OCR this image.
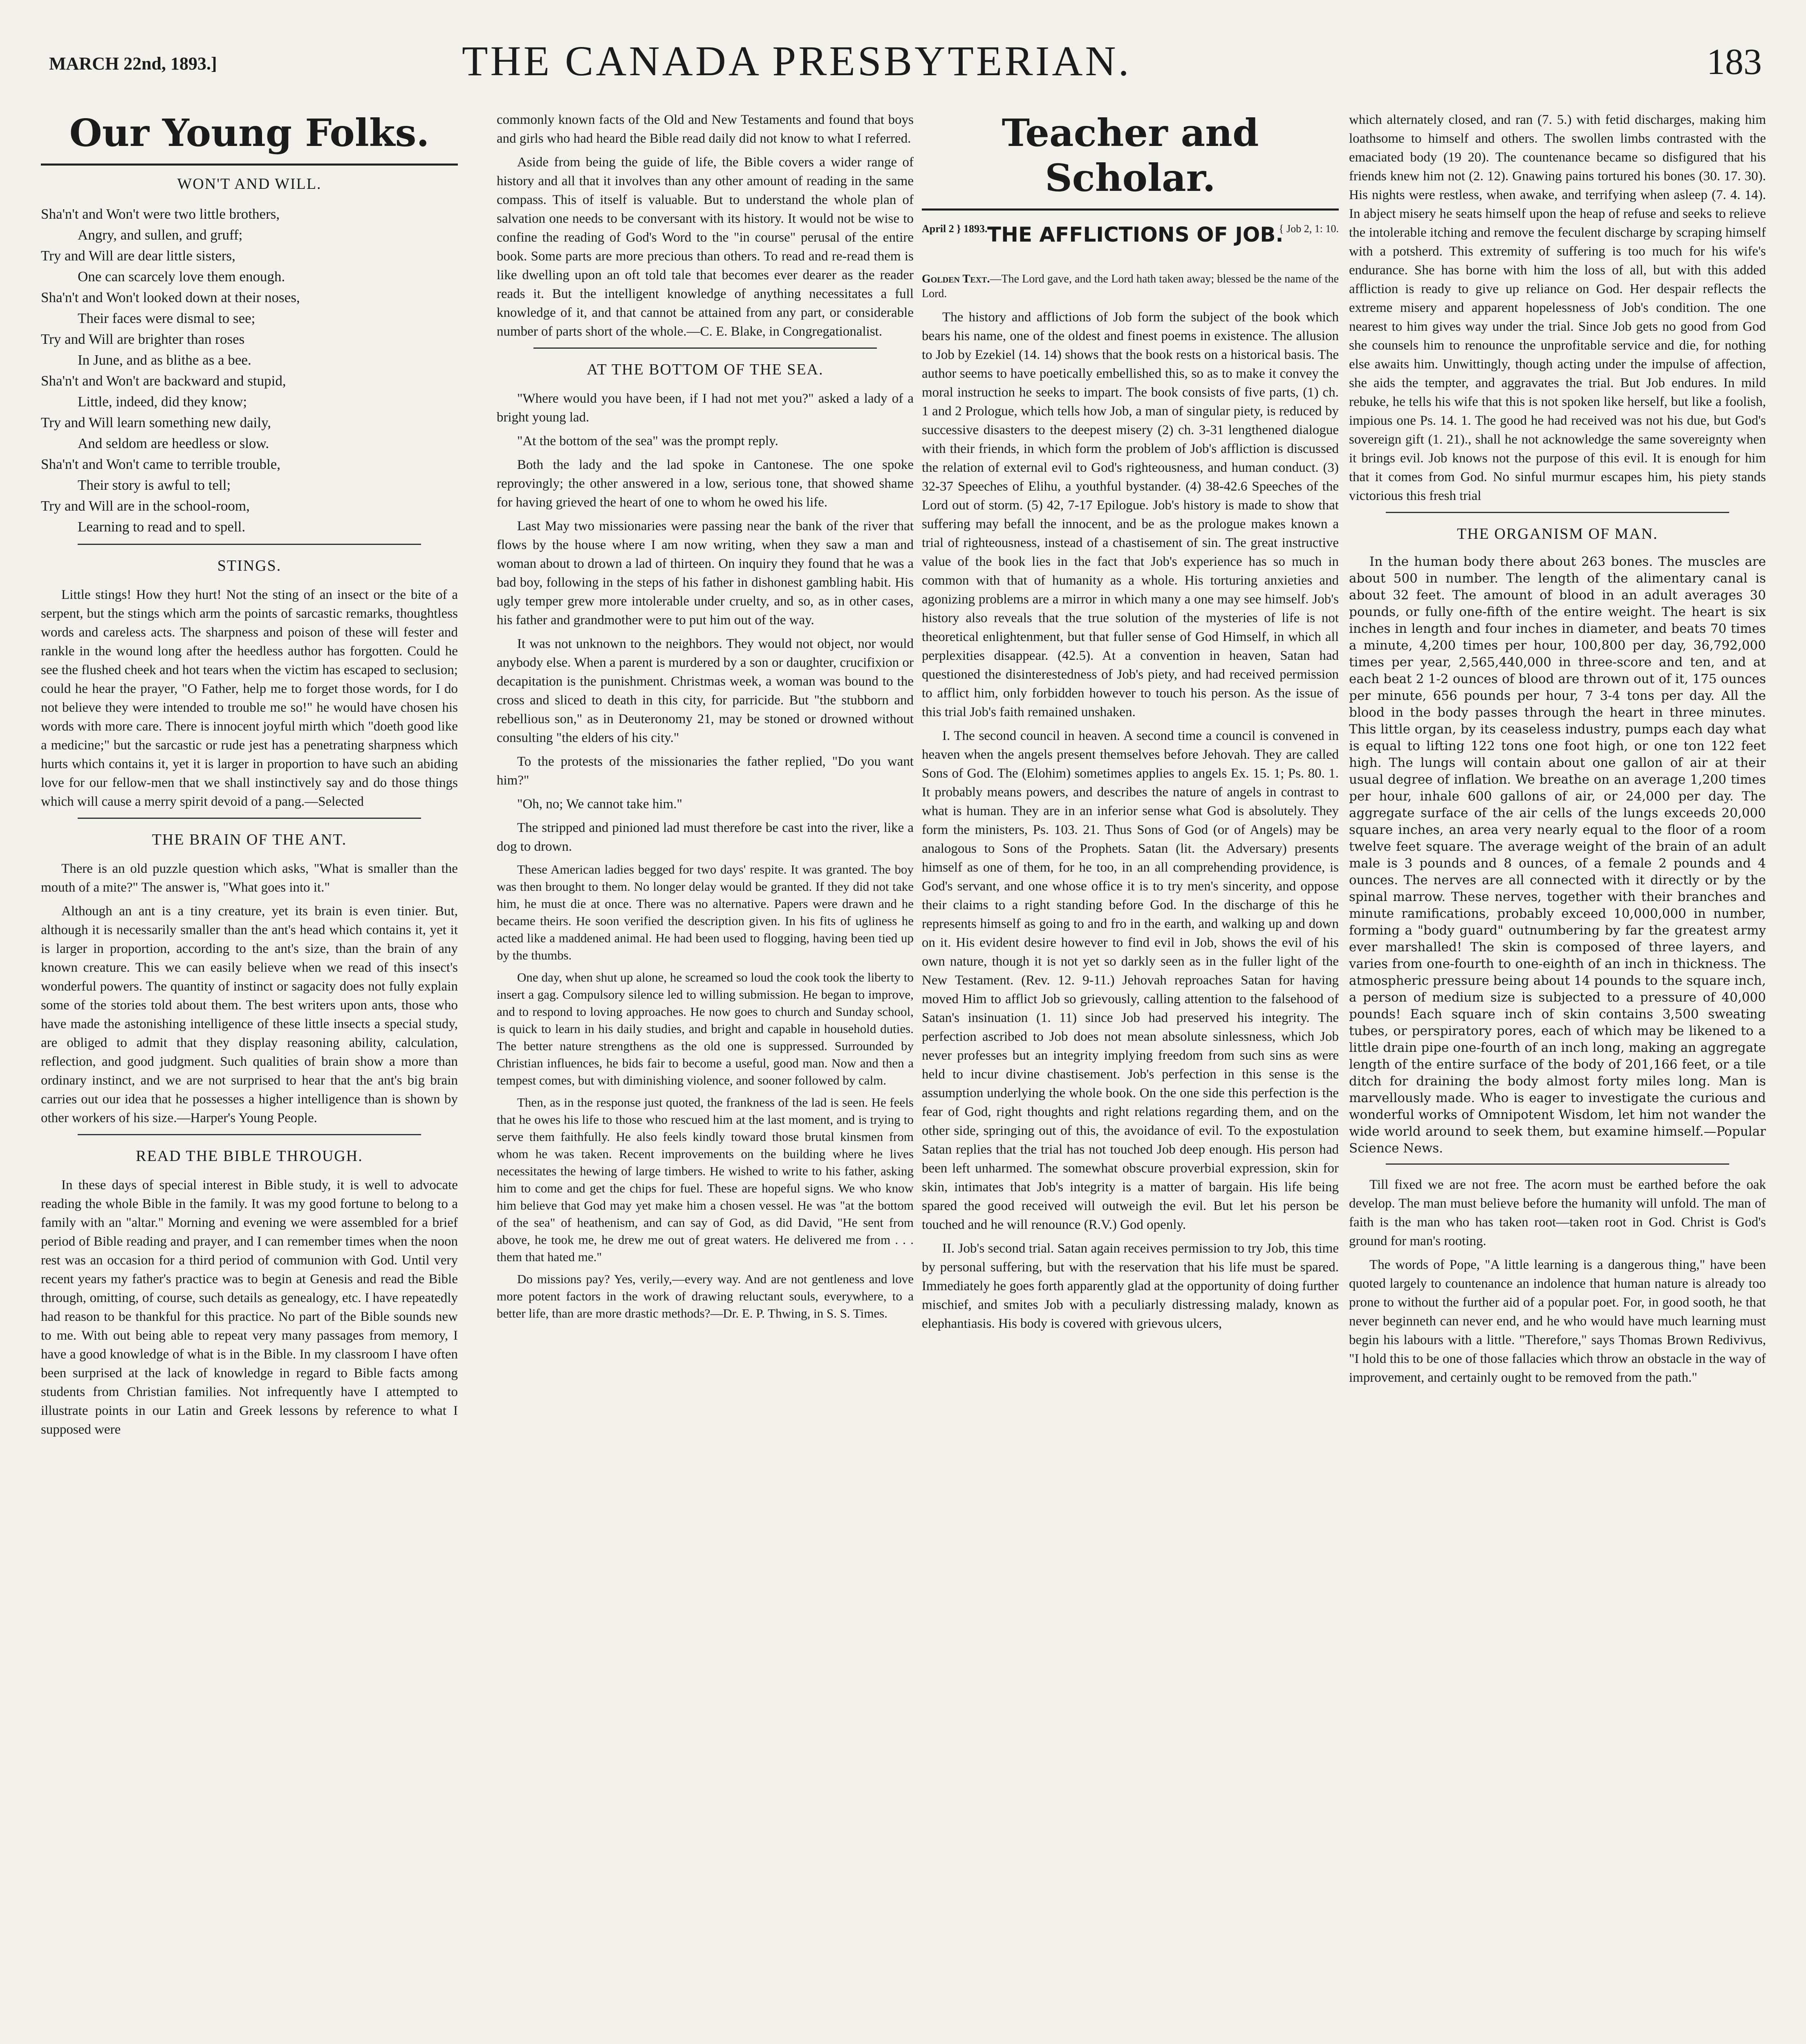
MARCH 22nd, 1893.]	THE CANADA PRESBYTERIAN.	183
Our Young Folks.
WON'T AND WILL.
Sha'n't and Won't were two little brothers,
Angry, and sullen, and gruff;
Try and Will are dear little sisters,
One can scarcely love them enough.
Sha'n't and Won't looked down at their noses,
Their faces were dismal to see;
Try and Will are brighter than roses
In June, and as blithe as a bee.
Sha'n't and Won't are backward and stupid,
Little, indeed, did they know;
Try and Will learn something new daily,
And seldom are heedless or slow.
Sha'n't and Won't came to terrible trouble,
Their story is awful to tell;
Try and Will are in the school-room,
Learning to read and to spell.
STINGS.

Little stings! How they hurt! Not the sting of an insect or the bite of a serpent, but the stings which arm the points of sarcastic remarks, thoughtless words and careless acts. The sharpness and poison of these will fester and rankle in the wound long after the heedless author has forgotten. Could he see the flushed cheek and hot tears when the victim has escaped to seclusion; could he hear the prayer, "O Father, help me to forget those words, for I do not believe they were intended to trouble me so!" he would have chosen his words with more care. There is innocent joyful mirth which "doeth good like a medicine;" but the sarcastic or rude jest has a penetrating sharpness which hurts which contains it, yet it is larger in proportion to have such an abiding love for our fellow-men that we shall instinctively say and do those things which will cause a merry spirit devoid of a pang.—Selected

THE BRAIN OF THE ANT.

There is an old puzzle question which asks, "What is smaller than the mouth of a mite?" The answer is, "What goes into it."

Although an ant is a tiny creature, yet its brain is even tinier. But, although it is necessarily smaller than the ant's head which contains it, yet it is larger in proportion, according to the ant's size, than the brain of any known creature. This we can easily believe when we read of this insect's wonderful powers. The quantity of instinct or sagacity does not fully explain some of the stories told about them. The best writers upon ants, those who have made the astonishing intelligence of these little insects a special study, are obliged to admit that they display reasoning ability, calculation, reflection, and good judgment. Such qualities of brain show a more than ordinary instinct, and we are not surprised to hear that the ant's big brain carries out our idea that he possesses a higher intelligence than is shown by other workers of his size.—Harper's Young People.

READ THE BIBLE THROUGH.

In these days of special interest in Bible study, it is well to advocate reading the whole Bible in the family. It was my good fortune to belong to a family with an "altar." Morning and evening we were assembled for a brief period of Bible reading and prayer, and I can remember times when the noon rest was an occasion for a third period of communion with God. Until very recent years my father's practice was to begin at Genesis and read the Bible through, omitting, of course, such details as genealogy, etc. I have repeatedly had reason to be thankful for this practice. No part of the Bible sounds new to me. With out being able to repeat very many passages from memory, I have a good knowledge of what is in the Bible. In my classroom I have often been surprised at the lack of knowledge in regard to Bible facts among students from Christian families. Not infrequently have I attempted to illustrate points in our Latin and Greek lessons by reference to what I supposed were

commonly known facts of the Old and New Testaments and found that boys and girls who had heard the Bible read daily did not know to what I referred.

Aside from being the guide of life, the Bible covers a wider range of history and all that it involves than any other amount of reading in the same compass. This of itself is valuable. But to understand the whole plan of salvation one needs to be conversant with its history. It would not be wise to confine the reading of God's Word to the "in course" perusal of the entire book. Some parts are more precious than others. To read and re-read them is like dwelling upon an oft told tale that becomes ever dearer as the reader reads it. But the intelligent knowledge of anything necessitates a full knowledge of it, and that cannot be attained from any part, or considerable number of parts short of the whole.—C. E. Blake, in Congregationalist.

AT THE BOTTOM OF THE SEA.

"Where would you have been, if I had not met you?" asked a lady of a bright young lad.

"At the bottom of the sea" was the prompt reply.

Both the lady and the lad spoke in Cantonese. The one spoke reprovingly; the other answered in a low, serious tone, that showed shame for having grieved the heart of one to whom he owed his life.

Last May two missionaries were passing near the bank of the river that flows by the house where I am now writing, when they saw a man and woman about to drown a lad of thirteen. On inquiry they found that he was a bad boy, following in the steps of his father in dishonest gambling habit. His ugly temper grew more intolerable under cruelty, and so, as in other cases, his father and grandmother were to put him out of the way.

It was not unknown to the neighbors. They would not object, nor would anybody else. When a parent is murdered by a son or daughter, crucifixion or decapitation is the punishment. Christmas week, a woman was bound to the cross and sliced to death in this city, for parricide. But "the stubborn and rebellious son," as in Deuteronomy 21, may be stoned or drowned without consulting "the elders of his city."

To the protests of the missionaries the father replied, "Do you want him?"

"Oh, no; We cannot take him."

The stripped and pinioned lad must therefore be cast into the river, like a dog to drown.

These American ladies begged for two days' respite. It was granted. The boy was then brought to them. No longer delay would be granted. If they did not take him, he must die at once. There was no alternative. Papers were drawn and he became theirs. He soon verified the description given. In his fits of ugliness he acted like a maddened animal. He had been used to flogging, having been tied up by the thumbs.

One day, when shut up alone, he screamed so loud the cook took the liberty to insert a gag. Compulsory silence led to willing submission. He began to improve, and to respond to loving approaches. He now goes to church and Sunday school, is quick to learn in his daily studies, and bright and capable in household duties. The better nature strengthens as the old one is suppressed. Surrounded by Christian influences, he bids fair to become a useful, good man. Now and then a tempest comes, but with diminishing violence, and sooner followed by calm.

Then, as in the response just quoted, the frankness of the lad is seen. He feels that he owes his life to those who rescued him at the last moment, and is trying to serve them faithfully. He also feels kindly toward those brutal kinsmen from whom he was taken. Recent improvements on the building where he lives necessitates the hewing of large timbers. He wished to write to his father, asking him to come and get the chips for fuel. These are hopeful signs. We who know him believe that God may yet make him a chosen vessel. He was "at the bottom of the sea" of heathenism, and can say of God, as did David, "He sent from above, he took me, he drew me out of great waters. He delivered me from . . . them that hated me."

Do missions pay? Yes, verily,—every way. And are not gentleness and love more potent factors in the work of drawing reluctant souls, everywhere, to a better life, than are more drastic methods?—Dr. E. P. Thwing, in S. S. Times.

Teacher and Scholar.
April 2 } 1893. THE AFFLICTIONS OF JOB.
{ Job 2, 1: 10.

Golden Text.—The Lord gave, and the Lord hath taken away; blessed be the name of the Lord.

The history and afflictions of Job form the subject of the book which bears his name, one of the oldest and finest poems in existence. The allusion to Job by Ezekiel (14. 14) shows that the book rests on a historical basis. The author seems to have poetically embellished this, so as to make it convey the moral instruction he seeks to impart. The book consists of five parts, (1) ch. 1 and 2 Prologue, which tells how Job, a man of singular piety, is reduced by successive disasters to the deepest misery (2) ch. 3-31 lengthened dialogue with their friends, in which form the problem of Job's affliction is discussed the relation of external evil to God's righteousness, and human conduct. (3) 32-37 Speeches of Elihu, a youthful bystander. (4) 38-42.6 Speeches of the Lord out of storm. (5) 42, 7-17 Epilogue. Job's history is made to show that suffering may befall the innocent, and be as the prologue makes known a trial of righteousness, instead of a chastisement of sin. The great instructive value of the book lies in the fact that Job's experience has so much in common with that of humanity as a whole. His torturing anxieties and agonizing problems are a mirror in which many a one may see himself. Job's history also reveals that the true solution of the mysteries of life is not theoretical enlightenment, but that fuller sense of God Himself, in which all perplexities disappear. (42.5). At a convention in heaven, Satan had questioned the disinterestedness of Job's piety, and had received permission to afflict him, only forbidden however to touch his person. As the issue of this trial Job's faith remained unshaken.

I. The second council in heaven. A second time a council is convened in heaven when the angels present themselves before Jehovah. They are called Sons of God. The (Elohim) sometimes applies to angels Ex. 15. 1; Ps. 80. 1. It probably means powers, and describes the nature of angels in contrast to what is human. They are in an inferior sense what God is absolutely. They form the ministers, Ps. 103. 21. Thus Sons of God (or of Angels) may be analogous to Sons of the Prophets. Satan (lit. the Adversary) presents himself as one of them, for he too, in an all comprehending providence, is God's servant, and one whose office it is to try men's sincerity, and oppose their claims to a right standing before God. In the discharge of this he represents himself as going to and fro in the earth, and walking up and down on it. His evident desire however to find evil in Job, shows the evil of his own nature, though it is not yet so darkly seen as in the fuller light of the New Testament. (Rev. 12. 9-11.) Jehovah reproaches Satan for having moved Him to afflict Job so grievously, calling attention to the falsehood of Satan's insinuation (1. 11) since Job had preserved his integrity. The perfection ascribed to Job does not mean absolute sinlessness, which Job never professes but an integrity implying freedom from such sins as were held to incur divine chastisement. Job's perfection in this sense is the assumption underlying the whole book. On the one side this perfection is the fear of God, right thoughts and right relations regarding them, and on the other side, springing out of this, the avoidance of evil. To the expostulation Satan replies that the trial has not touched Job deep enough. His person had been left unharmed. The somewhat obscure proverbial expression, skin for skin, intimates that Job's integrity is a matter of bargain. His life being spared the good received will outweigh the evil. But let his person be touched and he will renounce (R.V.) God openly.

II. Job's second trial. Satan again receives permission to try Job, this time by personal suffering, but with the reservation that his life must be spared. Immediately he goes forth apparently glad at the opportunity of doing further mischief, and smites Job with a peculiarly distressing malady, known as elephantiasis. His body is covered with grievous ulcers,

which alternately closed, and ran (7. 5.) with fetid discharges, making him loathsome to himself and others. The swollen limbs contrasted with the emaciated body (19 20). The countenance became so disfigured that his friends knew him not (2. 12). Gnawing pains tortured his bones (30. 17. 30). His nights were restless, when awake, and terrifying when asleep (7. 4. 14). In abject misery he seats himself upon the heap of refuse and seeks to relieve the intolerable itching and remove the feculent discharge by scraping himself with a potsherd. This extremity of suffering is too much for his wife's endurance. She has borne with him the loss of all, but with this added affliction is ready to give up reliance on God. Her despair reflects the extreme misery and apparent hopelessness of Job's condition. The one nearest to him gives way under the trial. Since Job gets no good from God she counsels him to renounce the unprofitable service and die, for nothing else awaits him. Unwittingly, though acting under the impulse of affection, she aids the tempter, and aggravates the trial. But Job endures. In mild rebuke, he tells his wife that this is not spoken like herself, but like a foolish, impious one Ps. 14. 1. The good he had received was not his due, but God's sovereign gift (1. 21)., shall he not acknowledge the same sovereignty when it brings evil. Job knows not the purpose of this evil. It is enough for him that it comes from God. No sinful murmur escapes him, his piety stands victorious this fresh trial

THE ORGANISM OF MAN.

In the human body there about 263 bones. The muscles are about 500 in number. The length of the alimentary canal is about 32 feet. The amount of blood in an adult averages 30 pounds, or fully one-fifth of the entire weight. The heart is six inches in length and four inches in diameter, and beats 70 times a minute, 4,200 times per hour, 100,800 per day, 36,792,000 times per year, 2,565,440,000 in three-score and ten, and at each beat 2 1-2 ounces of blood are thrown out of it, 175 ounces per minute, 656 pounds per hour, 7 3-4 tons per day. All the blood in the body passes through the heart in three minutes. This little organ, by its ceaseless industry, pumps each day what is equal to lifting 122 tons one foot high, or one ton 122 feet high. The lungs will contain about one gallon of air at their usual degree of inflation. We breathe on an average 1,200 times per hour, inhale 600 gallons of air, or 24,000 per day. The aggregate surface of the air cells of the lungs exceeds 20,000 square inches, an area very nearly equal to the floor of a room twelve feet square. The average weight of the brain of an adult male is 3 pounds and 8 ounces, of a female 2 pounds and 4 ounces. The nerves are all connected with it directly or by the spinal marrow. These nerves, together with their branches and minute ramifications, probably exceed 10,000,000 in number, forming a "body guard" outnumbering by far the greatest army ever marshalled! The skin is composed of three layers, and varies from one-fourth to one-eighth of an inch in thickness. The atmospheric pressure being about 14 pounds to the square inch, a person of medium size is subjected to a pressure of 40,000 pounds! Each square inch of skin contains 3,500 sweating tubes, or perspiratory pores, each of which may be likened to a little drain pipe one-fourth of an inch long, making an aggregate length of the entire surface of the body of 201,166 feet, or a tile ditch for draining the body almost forty miles long. Man is marvellously made. Who is eager to investigate the curious and wonderful works of Omnipotent Wisdom, let him not wander the wide world around to seek them, but examine himself.—Popular Science News.

Till fixed we are not free. The acorn must be earthed before the oak develop. The man must believe before the humanity will unfold. The man of faith is the man who has taken root—taken root in God. Christ is God's ground for man's rooting.

The words of Pope, "A little learning is a dangerous thing," have been quoted largely to countenance an indolence that human nature is already too prone to without the further aid of a popular poet. For, in good sooth, he that never beginneth can never end, and he who would have much learning must begin his labours with a little. "Therefore," says Thomas Brown Redivivus, "I hold this to be one of those fallacies which throw an obstacle in the way of improvement, and certainly ought to be removed from the path."
